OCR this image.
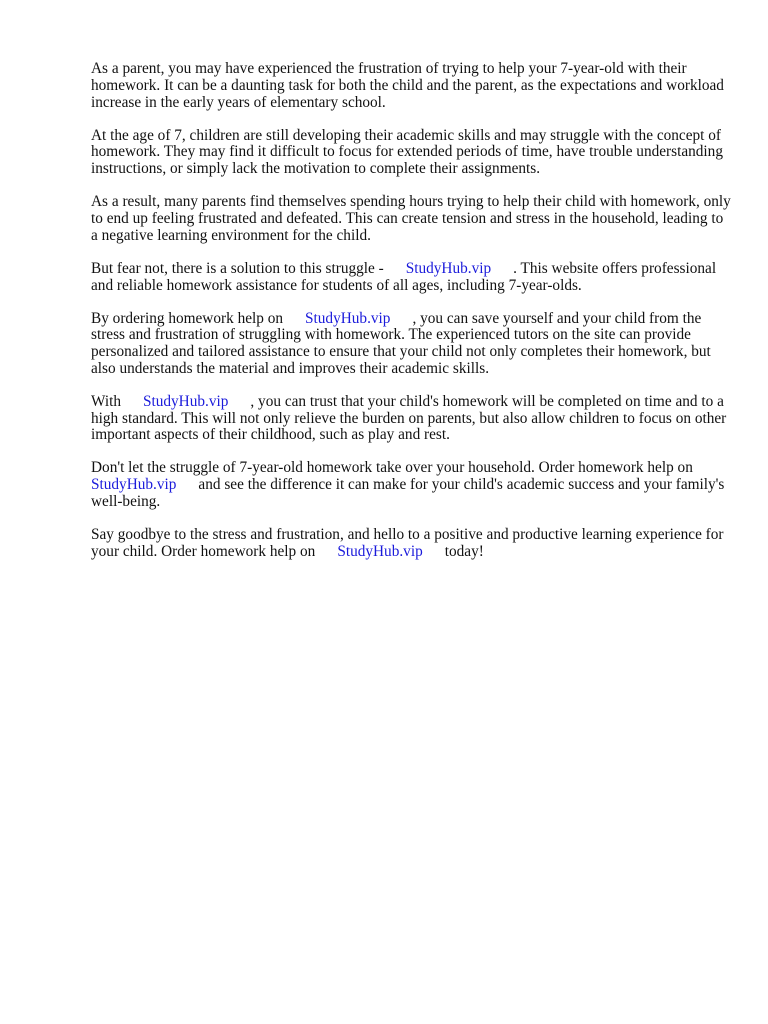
As a parent, you may have experienced the frustration of trying to help your 7-year-old with their homework. It can be a daunting task for both the child and the parent, as the expectations and workload increase in the early years of elementary school.

At the age of 7, children are still developing their academic skills and may struggle with the concept of homework. They may find it difficult to focus for extended periods of time, have trouble understanding instructions, or simply lack the motivation to complete their assignments.

As a result, many parents find themselves spending hours trying to help their child with homework, only to end up feeling frustrated and defeated. This can create tension and stress in the household, leading to a negative learning environment for the child.

But fear not, there is a solution to this struggle - StudyHub.vip . This website offers professional and reliable homework assistance for students of all ages, including 7-year-olds.

By ordering homework help on StudyHub.vip , you can save yourself and your child from the stress and frustration of struggling with homework. The experienced tutors on the site can provide personalized and tailored assistance to ensure that your child not only completes their homework, but also understands the material and improves their academic skills.

With StudyHub.vip , you can trust that your child's homework will be completed on time and to a high standard. This will not only relieve the burden on parents, but also allow children to focus on other important aspects of their childhood, such as play and rest.

Don't let the struggle of 7-year-old homework take over your household. Order homework help on StudyHub.vip and see the difference it can make for your child's academic success and your family's well-being.

Say goodbye to the stress and frustration, and hello to a positive and productive learning experience for your child. Order homework help on StudyHub.vip today!
